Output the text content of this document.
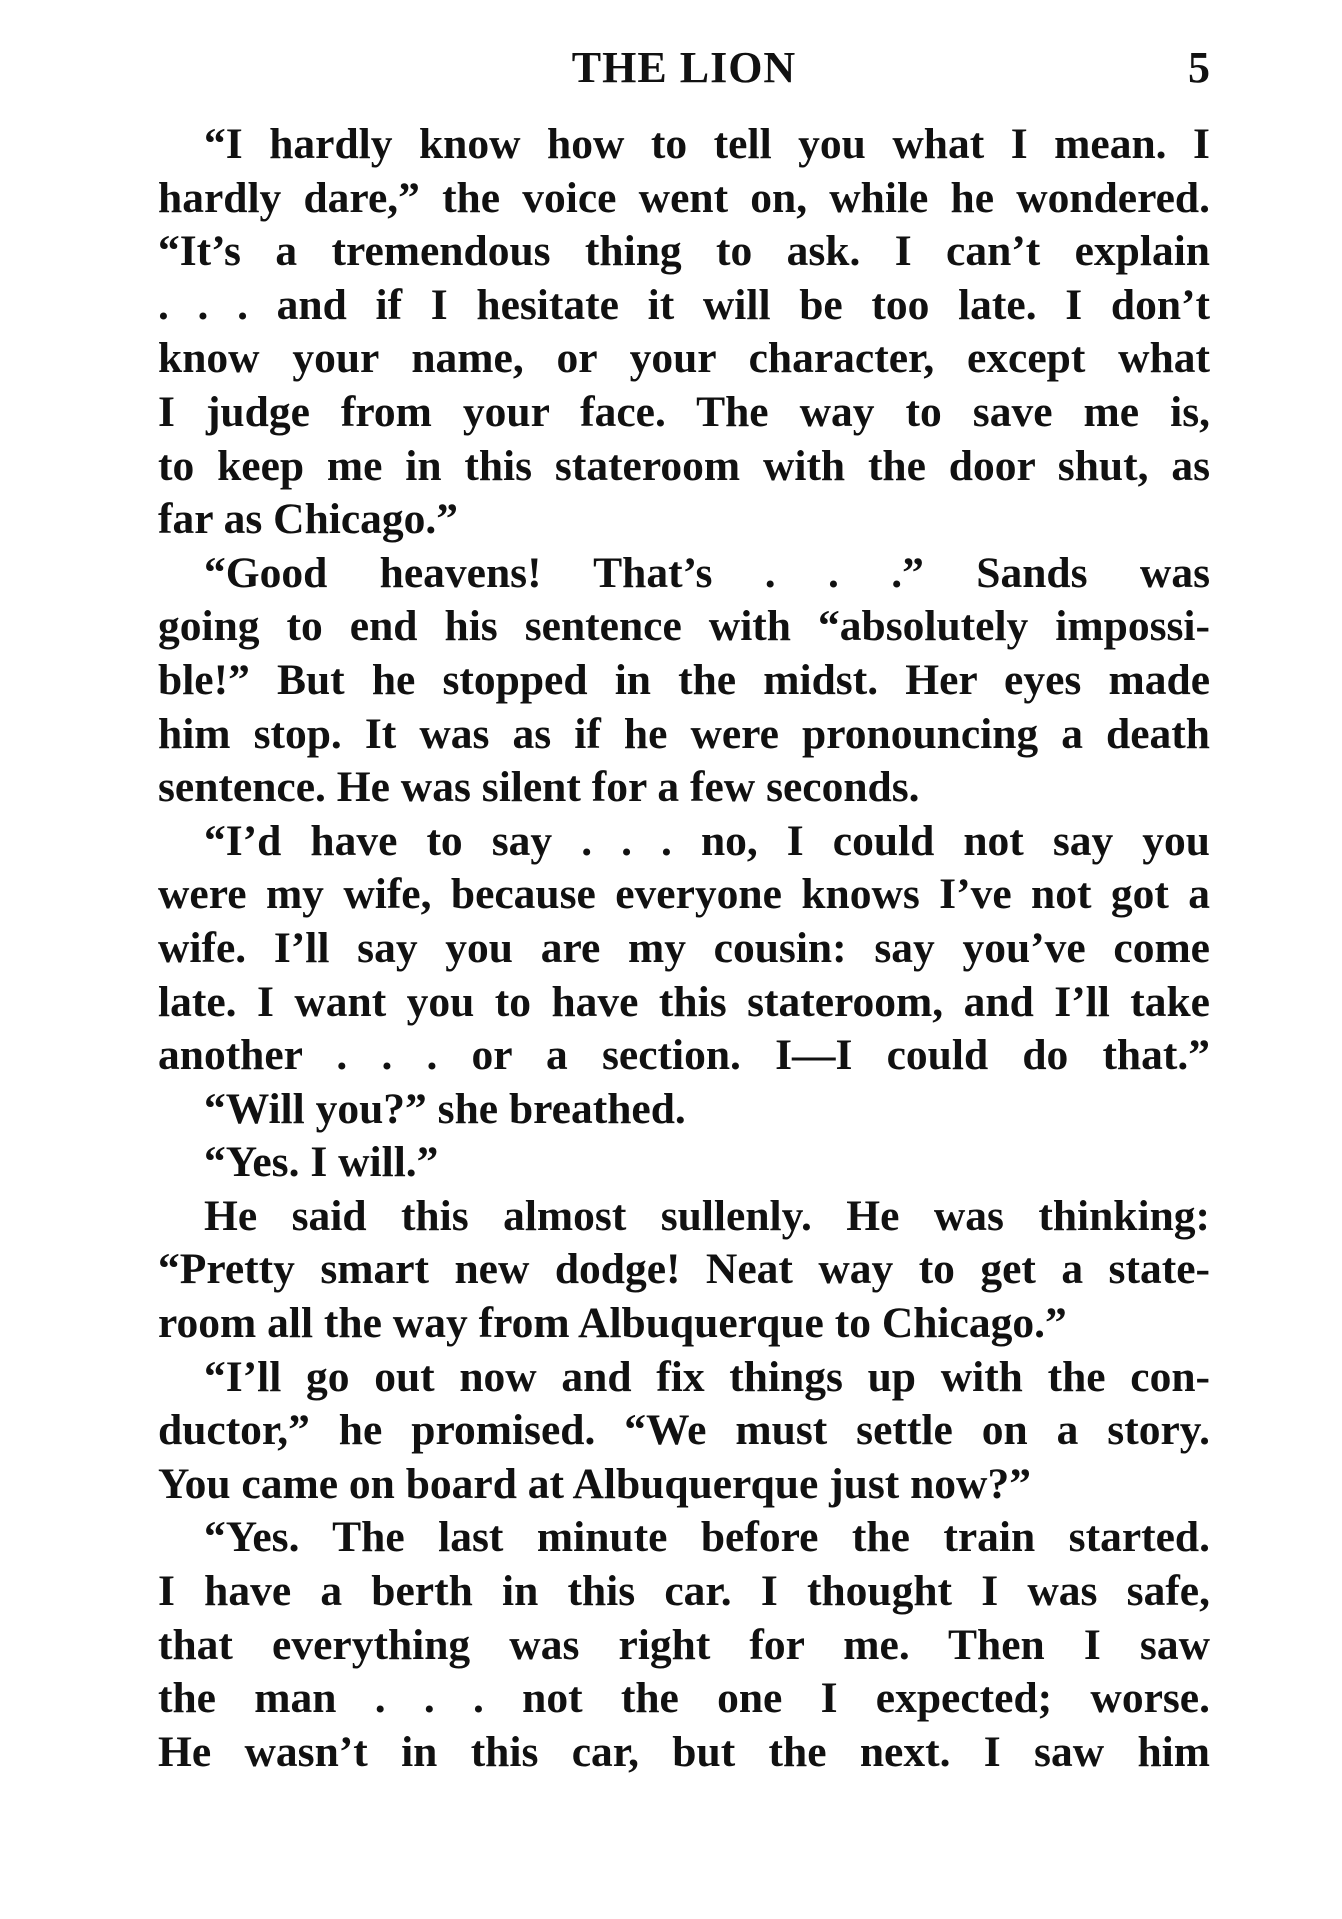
THE LION	5
“I hardly know how to tell you what I mean. I
hardly dare,” the voice went on, while he wondered.
“It’s a tremendous thing to ask. I can’t explain
. . . and if I hesitate it will be too late. I don’t
know your name, or your character, except what
I judge from your face. The way to save me is,
to keep me in this stateroom with the door shut, as
far as Chicago.”
“Good heavens! That’s . . .” Sands was
going to end his sentence with “absolutely impossi-
ble!” But he stopped in the midst. Her eyes made
him stop. It was as if he were pronouncing a death
sentence. He was silent for a few seconds.
“I’d have to say . . . no, I could not say you
were my wife, because everyone knows I’ve not got a
wife. I’ll say you are my cousin: say you’ve come
late. I want you to have this stateroom, and I’ll take
another . . . or a section. I—I could do that.”
“Will you?” she breathed.
“Yes. I will.”
He said this almost sullenly. He was thinking:
“Pretty smart new dodge! Neat way to get a state-
room all the way from Albuquerque to Chicago.”
“I’ll go out now and fix things up with the con-
ductor,” he promised. “We must settle on a story.
You came on board at Albuquerque just now?”
“Yes. The last minute before the train started.
I have a berth in this car. I thought I was safe,
that everything was right for me. Then I saw
the man . . . not the one I expected; worse.
He wasn’t in this car, but the next. I saw him
